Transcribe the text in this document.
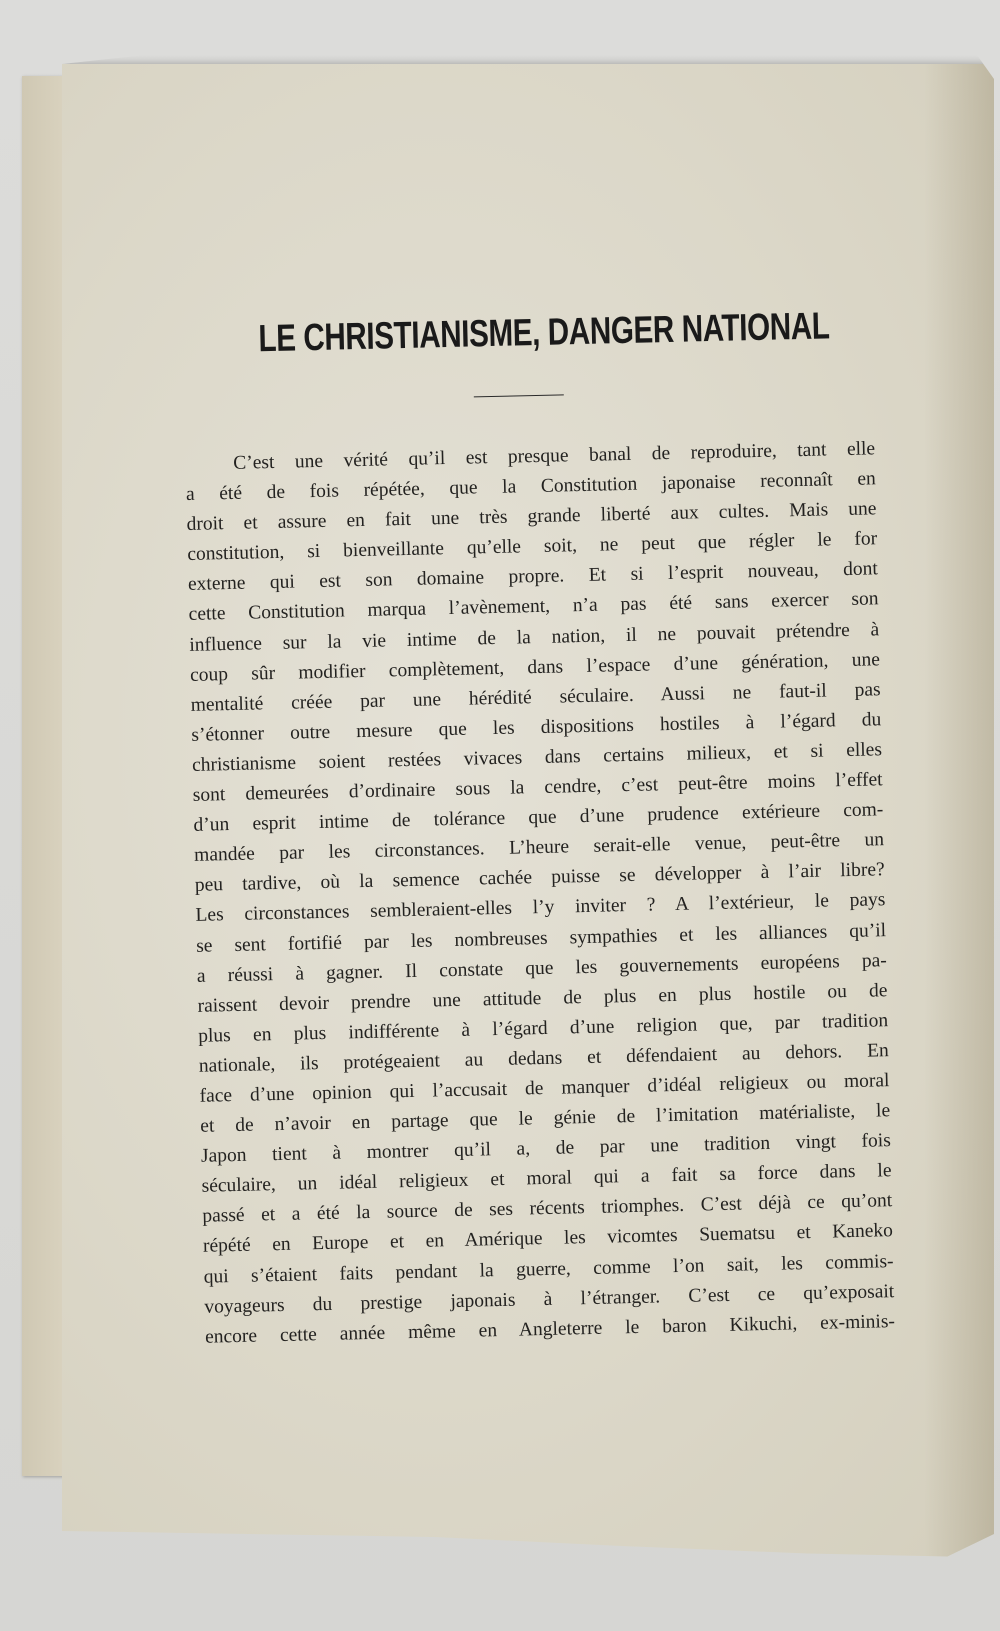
LE CHRISTIANISME, DANGER NATIONAL
C’est une vérité qu’il est presque banal de reproduire, tant elle
a été de fois répétée, que la Constitution japonaise reconnaît en
droit et assure en fait une très grande liberté aux cultes. Mais une
constitution, si bienveillante qu’elle soit, ne peut que régler le for
externe qui est son domaine propre. Et si l’esprit nouveau, dont
cette Constitution marqua l’avènement, n’a pas été sans exercer son
influence sur la vie intime de la nation, il ne pouvait prétendre à
coup sûr modifier complètement, dans l’espace d’une génération, une
mentalité créée par une hérédité séculaire. Aussi ne faut-il pas
s’étonner outre mesure que les dispositions hostiles à l’égard du
christianisme soient restées vivaces dans certains milieux, et si elles
sont demeurées d’ordinaire sous la cendre, c’est peut-être moins l’effet
d’un esprit intime de tolérance que d’une prudence extérieure com-
mandée par les circonstances. L’heure serait-elle venue, peut-être un
peu tardive, où la semence cachée puisse se développer à l’air libre?
Les circonstances sembleraient-elles l’y inviter ? A l’extérieur, le pays
se sent fortifié par les nombreuses sympathies et les alliances qu’il
a réussi à gagner. Il constate que les gouvernements européens pa-
raissent devoir prendre une attitude de plus en plus hostile ou de
plus en plus indifférente à l’égard d’une religion que, par tradition
nationale, ils protégeaient au dedans et défendaient au dehors. En
face d’une opinion qui l’accusait de manquer d’idéal religieux ou moral
et de n’avoir en partage que le génie de l’imitation matérialiste, le
Japon tient à montrer qu’il a, de par une tradition vingt fois
séculaire, un idéal religieux et moral qui a fait sa force dans le
passé et a été la source de ses récents triomphes. C’est déjà ce qu’ont
répété en Europe et en Amérique les vicomtes Suematsu et Kaneko
qui s’étaient faits pendant la guerre, comme l’on sait, les commis-
voyageurs du prestige japonais à l’étranger. C’est ce qu’exposait
encore cette année même en Angleterre le baron Kikuchi, ex-minis-
